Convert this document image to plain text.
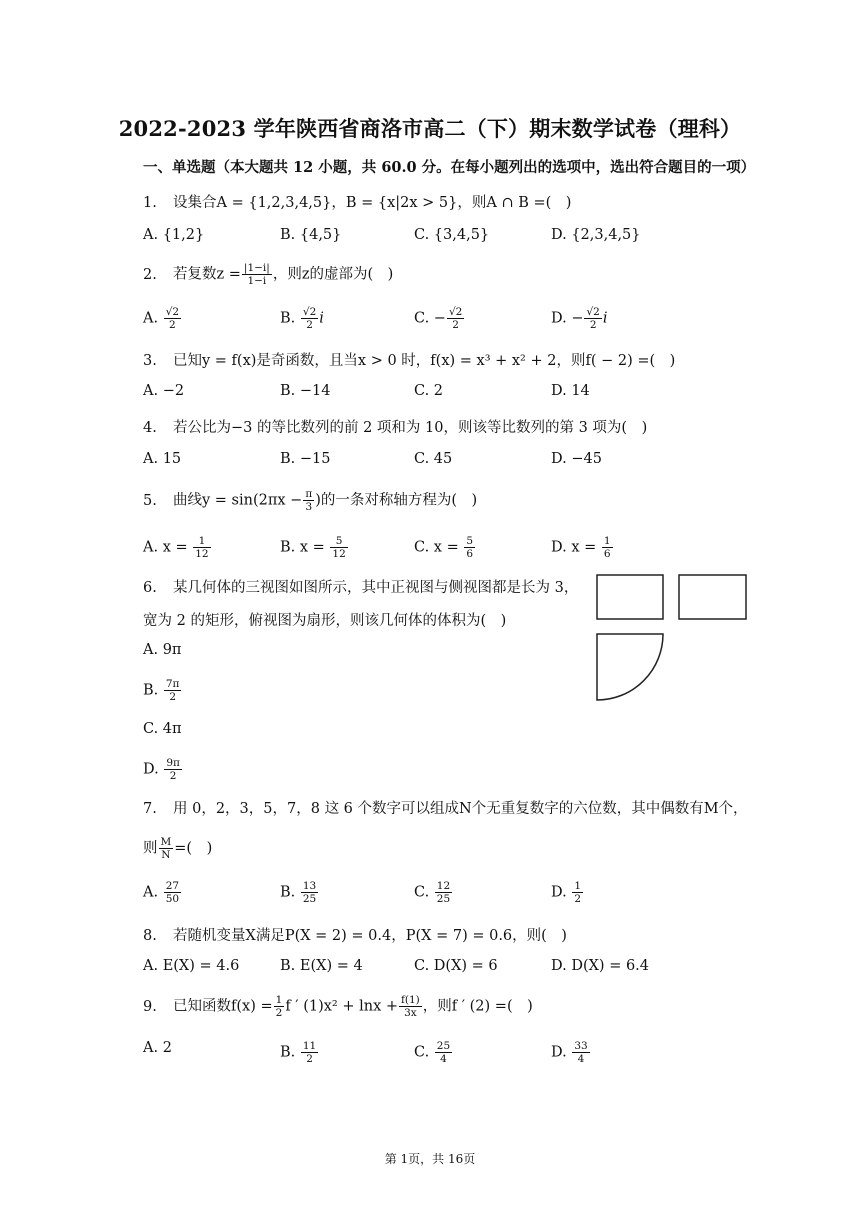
2022-2023 学年陕西省商洛市高二（下）期末数学试卷（理科）
一、单选题（本大题共 12 小题，共 60.0 分。在每小题列出的选项中，选出符合题目的一项）
1. 设集合A = {1,2,3,4,5}，B = {x|2x > 5}，则A ∩ B =(　)
A. {1,2}	B. {4,5}	C. {3,4,5}	D. {2,3,4,5}
2. 若复数$z = \frac{|1-i|}{1-i}$ ，则z的虚部为(　)
A. $\frac{√2}{2}$	B. $\frac{√2}{2}$ i	C. − $\frac{√2}{2}$	D. − $\frac{√2}{2}$ i
3. 已知y = f(x)是奇函数，且当x > 0 时，f(x) = x³ + x² + 2，则f( − 2) =(　)
A. −2	B. −14	C. 2	D. 14
4. 若公比为−3 的等比数列的前 2 项和为 10，则该等比数列的第 3 项为(　)
A. 15	B. −15	C. 45	D. −45
5. 曲线$y = \sin(2\pi x - \frac{\pi}{3}$ )的一条对称轴方程为(　)
A. $x = \frac{1}{12}$	B. $x = \frac{5}{12}$	C. $x = \frac{5}{6}$	D. $x = \frac{1}{6}$
6. 某几何体的三视图如图所示，其中正视图与侧视图都是长为 3，
宽为 2 的矩形，俯视图为扇形，则该几何体的体积为(　)
A. 9π
B. $\frac{7\pi}{2}$
C. 4π
D. $\frac{9\pi}{2}$
7. 用 0，2，3，5，7，8 这 6 个数字可以组成N个无重复数字的六位数，其中偶数有M个，
则 $\frac{M}{N}$ =(　)
A. $\frac{27}{50}$	B. $\frac{13}{25}$	C. $\frac{12}{25}$	D. $\frac{1}{2}$
8. 若随机变量X满足P(X = 2) = 0.4，P(X = 7) = 0.6，则(　)
A. E(X) = 4.6	B. E(X) = 4	C. D(X) = 6	D. D(X) = 6.4
9. 已知函数$f(x) = \frac{1}{2}$ f ′ $(1)x^2 + \ln x + \frac{f(1)}{3x}$ ，则f ′ (2) =(　)
A. 2	B. $\frac{11}{2}$	C. $\frac{25}{4}$	D. $\frac{33}{4}$
第 1页，共 16页
